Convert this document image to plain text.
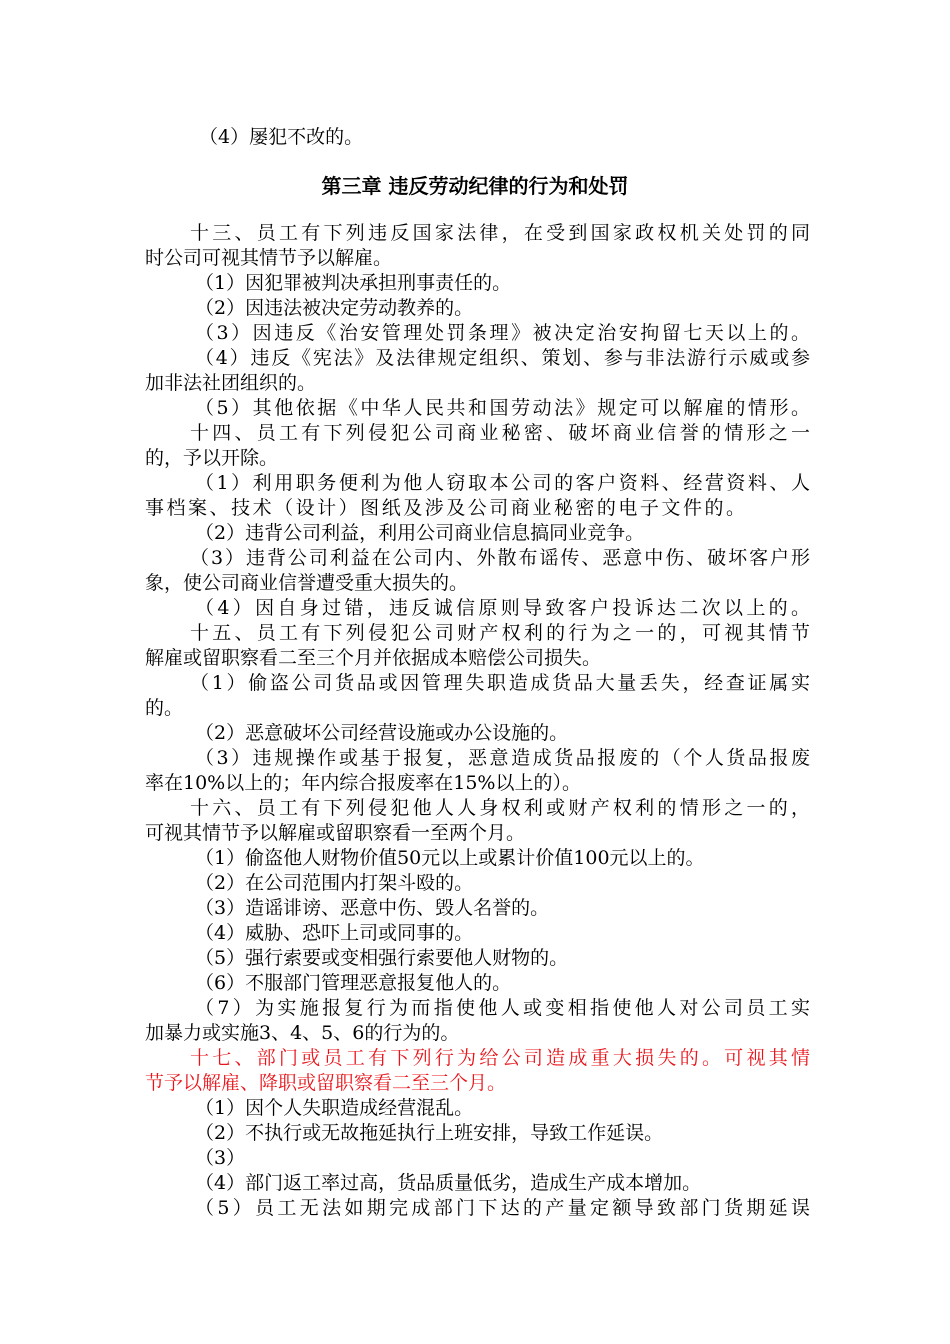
（4）屡犯不改的。
第三章 违反劳动纪律的行为和处罚
十三、员工有下列违反国家法律，在受到国家政权机关处罚的同
时公司可视其情节予以解雇。
（1）因犯罪被判决承担刑事责任的。
（2）因违法被决定劳动教养的。
（3）因违反《治安管理处罚条理》被决定治安拘留七天以上的。
（4）违反《宪法》及法律规定组织、策划、参与非法游行示威或参
加非法社团组织的。
（5）其他依据《中华人民共和国劳动法》规定可以解雇的情形。
十四、员工有下列侵犯公司商业秘密、破坏商业信誉的情形之一
的，予以开除。
（1）利用职务便利为他人窃取本公司的客户资料、经营资料、人
事档案、技术（设计）图纸及涉及公司商业秘密的电子文件的。
（2）违背公司利益，利用公司商业信息搞同业竞争。
（3）违背公司利益在公司内、外散布谣传、恶意中伤、破坏客户形
象，使公司商业信誉遭受重大损失的。
（4）因自身过错，违反诚信原则导致客户投诉达二次以上的。
十五、员工有下列侵犯公司财产权利的行为之一的，可视其情节
解雇或留职察看二至三个月并依据成本赔偿公司损失。
（1）偷盗公司货品或因管理失职造成货品大量丢失，经查证属实
的。
（2）恶意破坏公司经营设施或办公设施的。
（3）违规操作或基于报复，恶意造成货品报废的（个人货品报废
率在10%以上的；年内综合报废率在15%以上的）。
十六、员工有下列侵犯他人人身权利或财产权利的情形之一的，
可视其情节予以解雇或留职察看一至两个月。
（1）偷盗他人财物价值50元以上或累计价值100元以上的。
（2）在公司范围内打架斗殴的。
（3）造谣诽谤、恶意中伤、毁人名誉的。
（4）威胁、恐吓上司或同事的。
（5）强行索要或变相强行索要他人财物的。
（6）不服部门管理恶意报复他人的。
（7）为实施报复行为而指使他人或变相指使他人对公司员工实
加暴力或实施3、4、5、6的行为的。
十七、部门或员工有下列行为给公司造成重大损失的。可视其情
节予以解雇、降职或留职察看二至三个月。
（1）因个人失职造成经营混乱。
（2）不执行或无故拖延执行上班安排，导致工作延误。
（3）
（4）部门返工率过高，货品质量低劣，造成生产成本增加。
（5）员工无法如期完成部门下达的产量定额导致部门货期延误
